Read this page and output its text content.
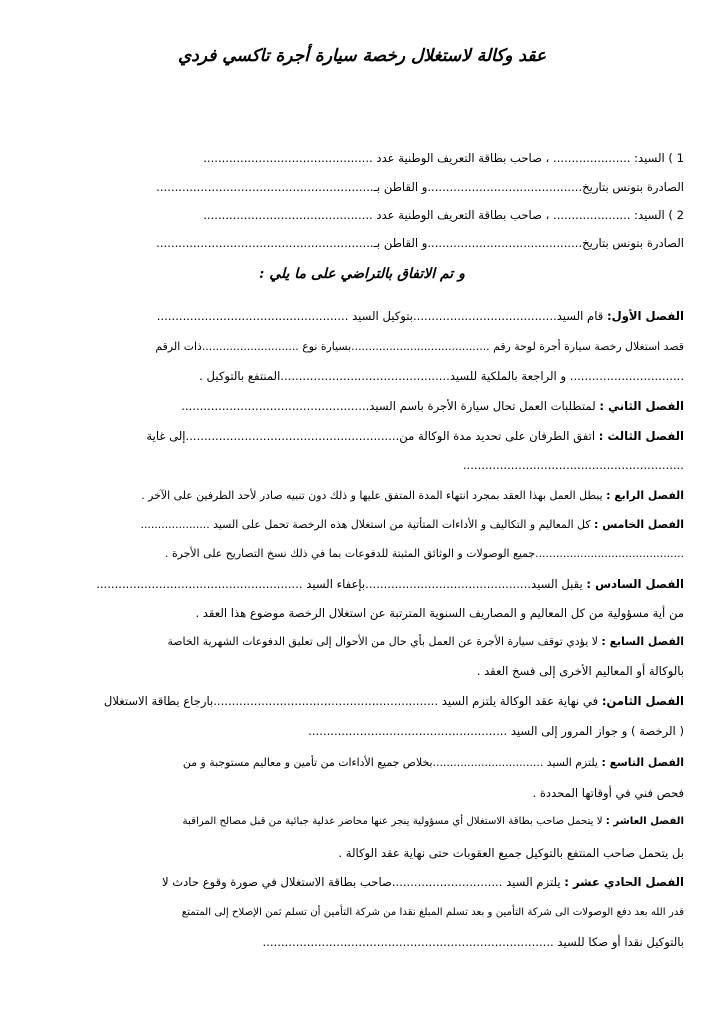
عقد وكالة لاستغلال رخصة سيارة أجرة تاكسي فردي
1 ) السيد: ..................... ، صاحب بطاقة التعريف الوطنية عدد ..............................................
الصادرة بتونس بتاريخ..........................................و القاطن بـ...........................................................
2 ) السيد: ..................... ، صاحب بطاقة التعريف الوطنية عدد ..............................................
الصادرة بتونس بتاريخ..........................................و القاطن بـ...........................................................
و تم الاتفاق بالتراضي على ما يلي :
الفصل الأول: قام السيد.......................................بتوكيل السيد ....................................................
قصد استغلال رخصة سيارة أجرة لوحة رقم ........................................بسيارة نوع ............................ذات الرقم
............................... و الراجعة بالملكية للسيد..............................................المنتفع بالتوكيل .
الفصل الثاني : لمتطلبات العمل تحال سيارة الأجرة باسم السيد...................................................
الفصل الثالث : اتفق الطرفان على تحديد مدة الوكالة من..........................................................إلى غاية
............................................................
الفصل الرابع : يبطل العمل بهذا العقد بمجرد انتهاء المدة المتفق عليها و ذلك دون تنبيه صادر لأحد الطرفين على الآخر .
الفصل الخامس : كل المعاليم و التكاليف و الأداءات المتأتية من استغلال هذه الرخصة تحمل على السيد ....................
...........................................جميع الوصولات و الوثائق المثبتة للدفوعات بما في ذلك نسخ التصاريح على الأجرة .
الفصل السادس : يقبل السيد.............................................بإعفاء السيد ........................................................
من أية مسؤولية من كل المعاليم و المصاريف السنوية المترتبة عن استغلال الرخصة موضوع هذا العقد .
الفصل السابع : لا يؤدي توقف سيارة الأجرة عن العمل بأي حال من الأحوال إلى تعليق الدفوعات الشهرية الخاصة
بالوكالة أو المعاليم الأخرى إلى فسخ العقد .
الفصل الثامن: في نهاية عقد الوكالة يلتزم السيد .............................................................بارجاع بطاقة الاستغلال
( الرخصة ) و جواز المرور إلى السيد ......................................................
الفصل التاسع : يلتزم السيد ................................بخلاص جميع الأداءات من تأمين و معاليم مستوجبة و من
فحص فني في أوقاتها المحددة .
الفصل العاشر : لا يتحمل صاحب بطاقة الاستغلال أي مسؤولية ينجر عنها محاضر عدلية جبائية من قبل مصالح المراقبة
بل يتحمل صاحب المنتفع بالتوكيل جميع العقوبات حتى نهاية عقد الوكالة .
الفصل الحادي عشر : يلتزم السيد ..............................صاحب بطاقة الاستغلال في صورة وقوع حادث لا
قدر الله بعد دفع الوصولات الى شركة التأمين و بعد تسلم المبلغ نقدا من شركة التأمين أن تسلم ثمن الإصلاح إلى المتمتع
بالتوكيل نقدا أو صكا للسيد ...............................................................................
